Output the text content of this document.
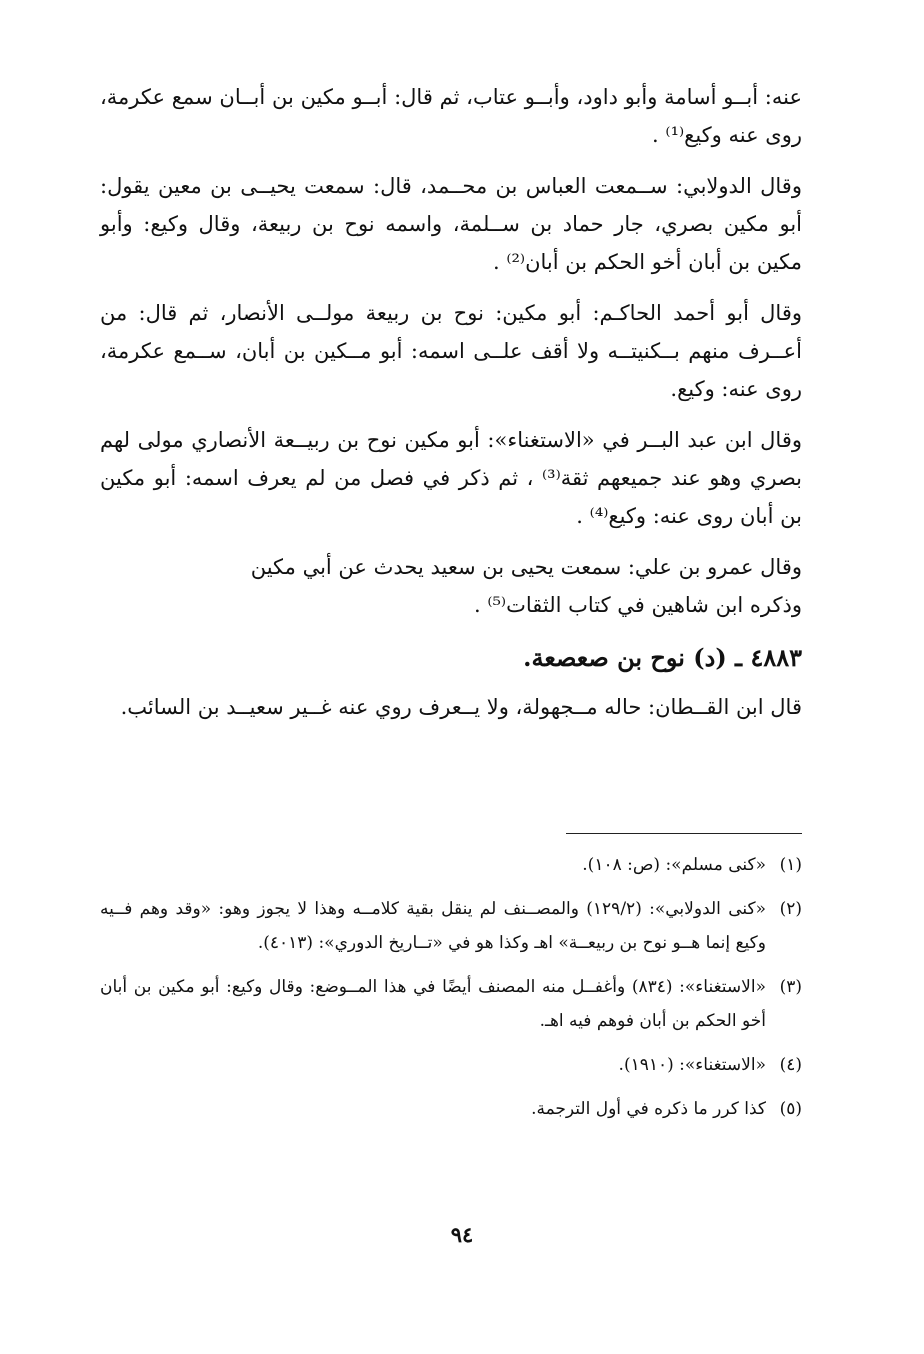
عنه: أبــو أسامة وأبو داود، وأبــو عتاب، ثم قال: أبــو مكين بن أبــان سمع عكرمة، روى عنه وكيع⁽¹⁾ .

وقال الدولابي: ســمعت العباس بن محــمد، قال: سمعت يحيــى بن معين يقول: أبو مكين بصري، جار حماد بن ســلمة، واسمه نوح بن ربيعة، وقال وكيع: وأبو مكين بن أبان أخو الحكم بن أبان⁽²⁾ .

وقال أبو أحمد الحاكـم: أبو مكين: نوح بن ربيعة مولــى الأنصار، ثم قال: من أعــرف منهم بــكنيتــه ولا أقف علــى اسمه: أبو مــكين بن أبان، ســمع عكرمة، روى عنه: وكيع.

وقال ابن عبد البــر في «الاستغناء»: أبو مكين نوح بن ربيــعة الأنصاري مولى لهم بصري وهو عند جميعهم ثقة⁽³⁾ ، ثم ذكر في فصل من لم يعرف اسمه: أبو مكين بن أبان روى عنه: وكيع⁽⁴⁾ .

وقال عمرو بن علي: سمعت يحيى بن سعيد يحدث عن أبي مكين

وذكره ابن شاهين في كتاب الثقات⁽⁵⁾ .

٤٨٨٣ ـ (د) نوح بن صعصعة.

قال ابن القــطان: حاله مــجهولة، ولا يــعرف روي عنه غــير سعيــد بن السائب.

(١)
«كنى مسلم»: (ص: ١٠٨).
(٢)
«كنى الدولابي»: (١٢٩/٢) والمصــنف لم ينقل بقية كلامــه وهذا لا يجوز وهو: «وقد وهم فــيه وكيع إنما هــو نوح بن ربيعــة» اهـ وكذا هو في «تــاريخ الدوري»: (٤٠١٣).
(٣)
«الاستغناء»: (٨٣٤) وأغفــل منه المصنف أيضًا في هذا المــوضع: وقال وكيع: أبو مكين بن أبان أخو الحكم بن أبان فوهم فيه اهـ.
(٤)
«الاستغناء»: (١٩١٠).
(٥)
كذا كرر ما ذكره في أول الترجمة.
٩٤
